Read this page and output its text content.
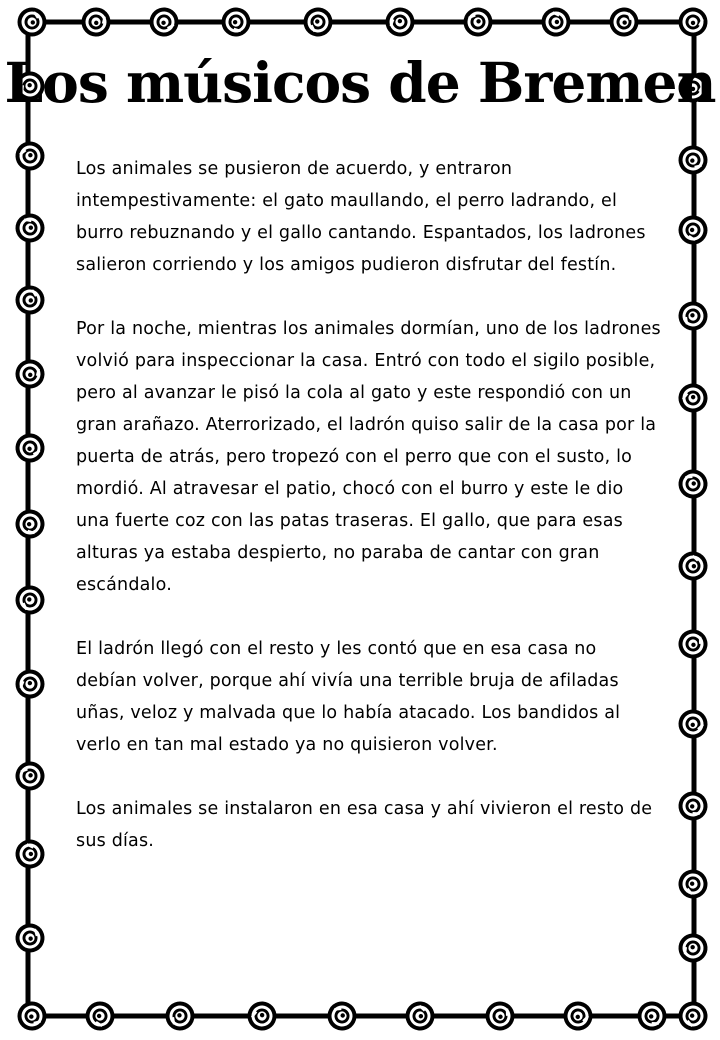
Los músicos de Bremen

Los animales se pusieron de acuerdo, y entraron intempestivamente: el gato maullando, el perro ladrando, el burro rebuznando y el gallo cantando. Espantados, los ladrones salieron corriendo y los amigos pudieron disfrutar del festín.

Por la noche, mientras los animales dormían, uno de los ladrones volvió para inspeccionar la casa. Entró con todo el sigilo posible, pero al avanzar le pisó la cola al gato y este respondió con un gran arañazo. Aterrorizado, el ladrón quiso salir de la casa por la puerta de atrás, pero tropezó con el perro que con el susto, lo mordió. Al atravesar el patio, chocó con el burro y este le dio una fuerte coz con las patas traseras. El gallo, que para esas alturas ya estaba despierto, no paraba de cantar con gran escándalo.

El ladrón llegó con el resto y les contó que en esa casa no debían volver, porque ahí vivía una terrible bruja de afiladas uñas, veloz y malvada que lo había atacado. Los bandidos al verlo en tan mal estado ya no quisieron volver.

Los animales se instalaron en esa casa y ahí vivieron el resto de sus días.
